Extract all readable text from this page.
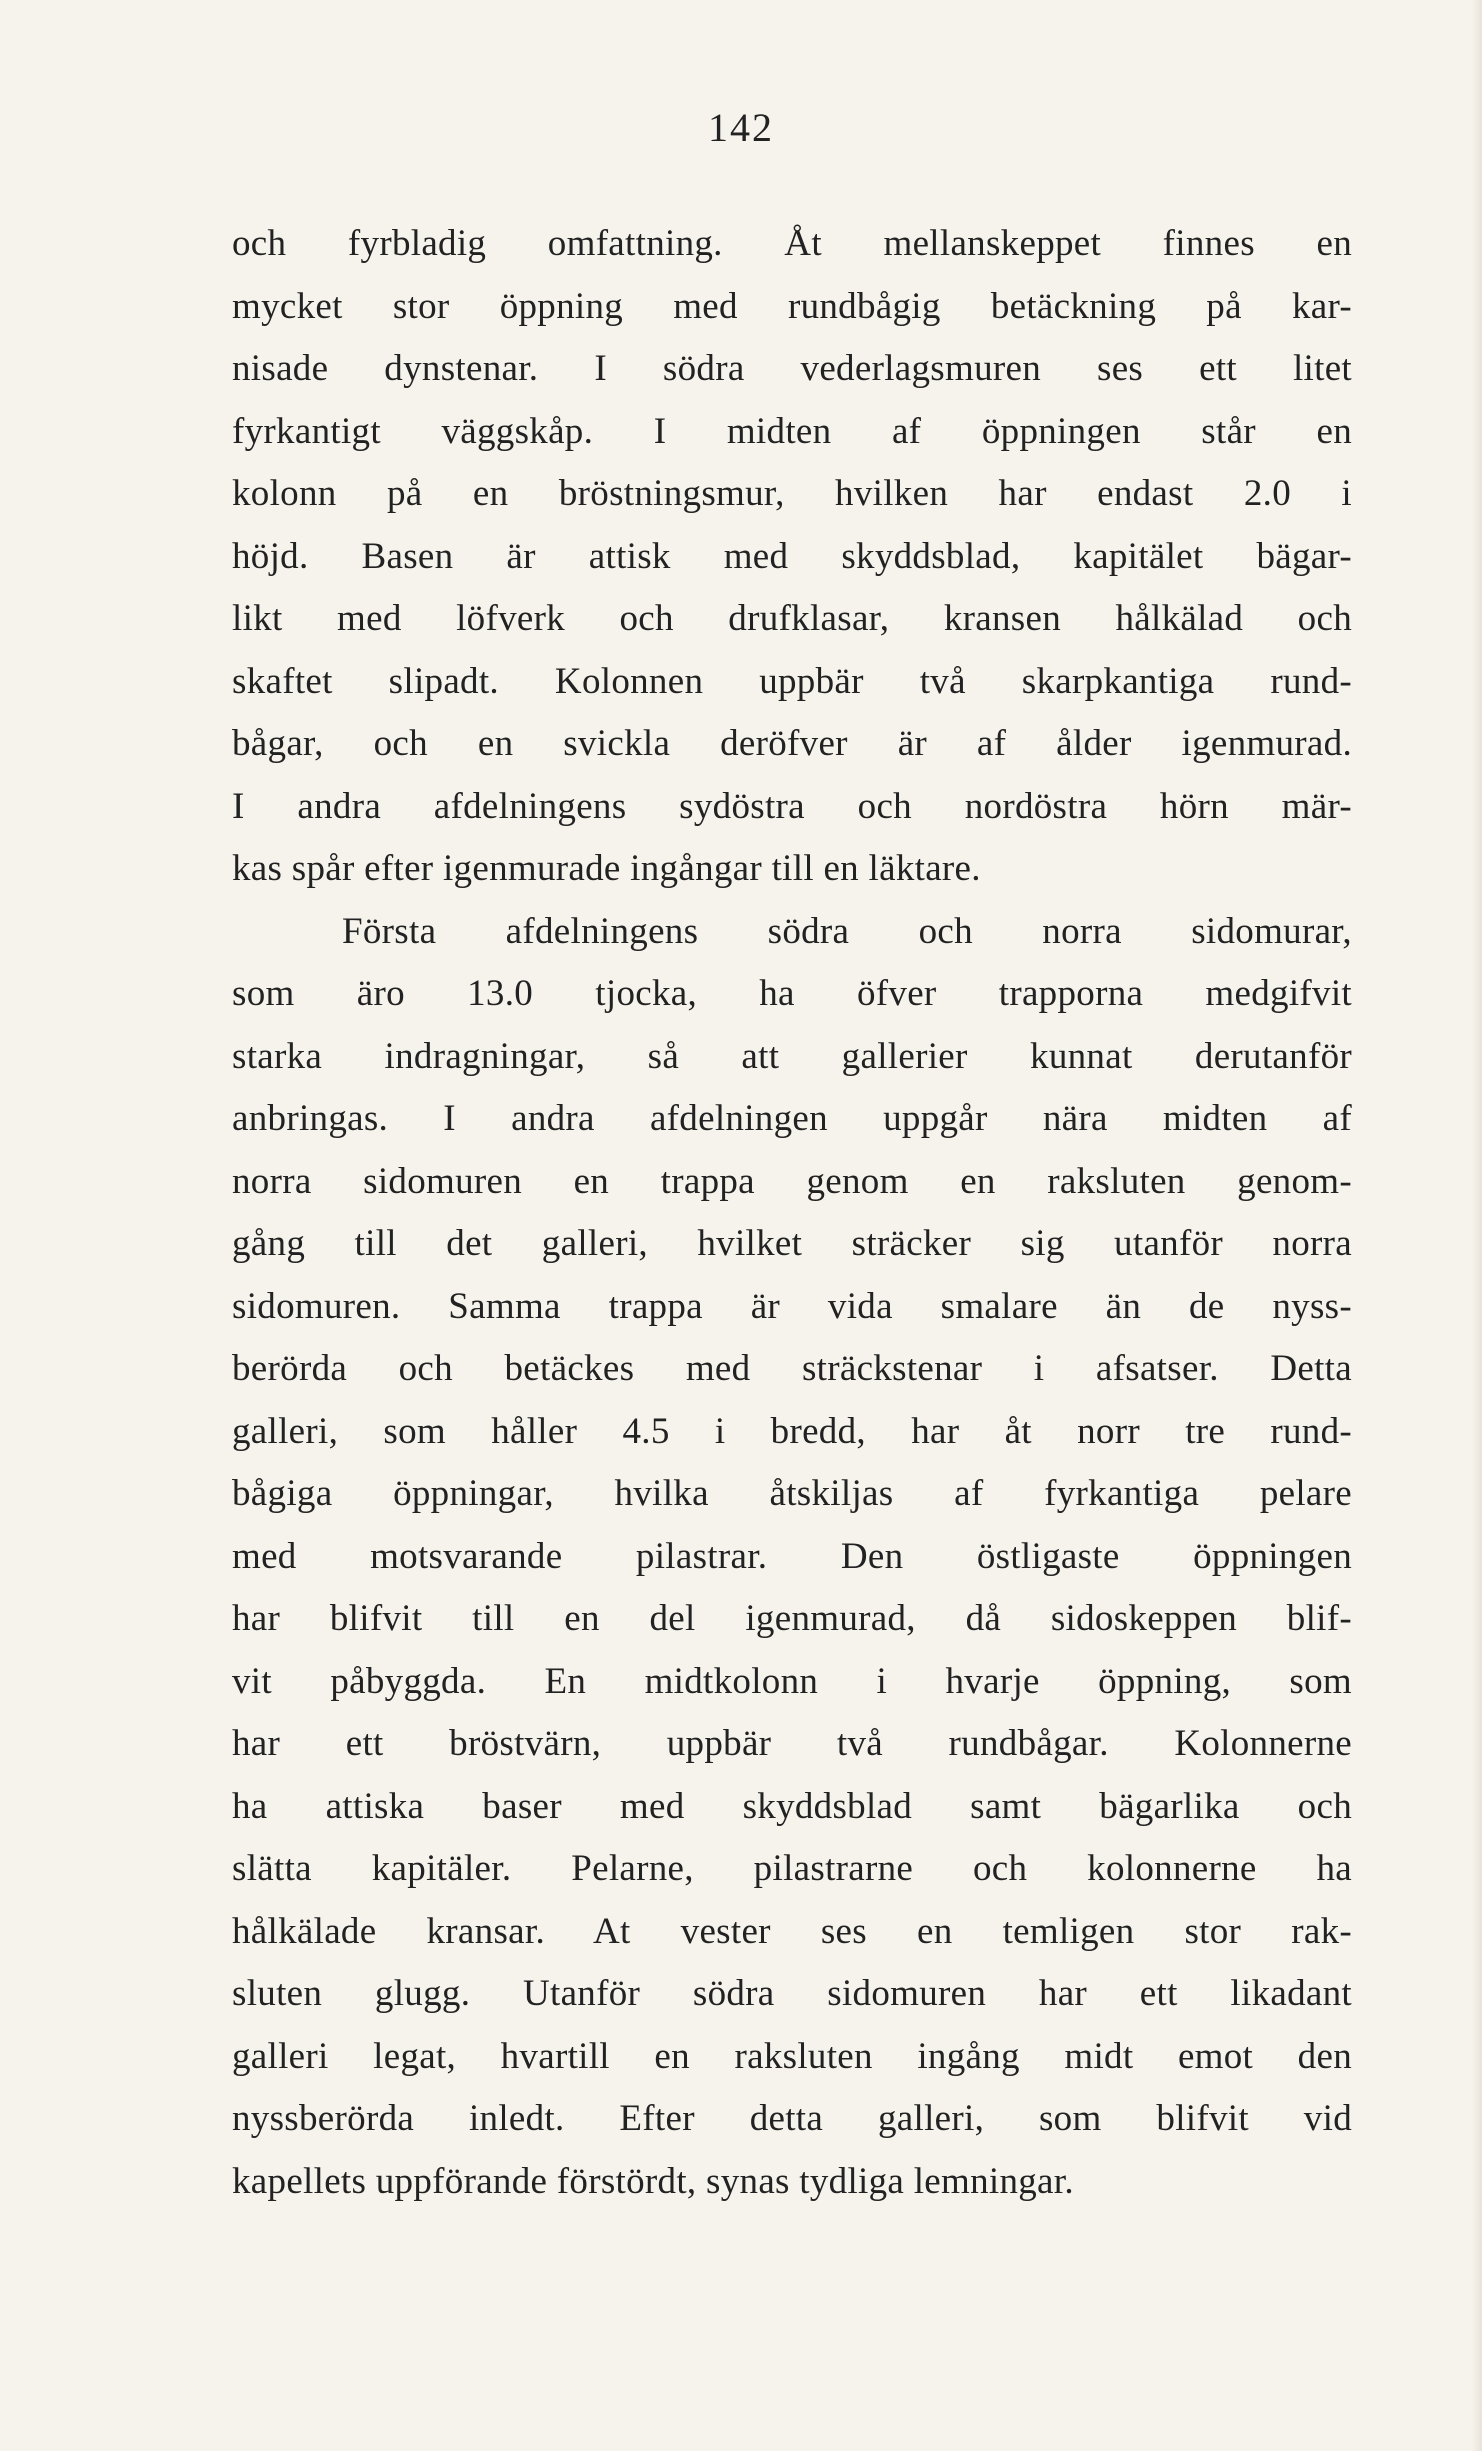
142
och fyrbladig omfattning. Åt mellanskeppet finnes en
mycket stor öppning med rundbågig betäckning på kar-
nisade dynstenar. I södra vederlagsmuren ses ett litet
fyrkantigt väggskåp. I midten af öppningen står en
kolonn på en bröstningsmur, hvilken har endast 2.0 i
höjd. Basen är attisk med skyddsblad, kapitälet bägar-
likt med löfverk och drufklasar, kransen hålkälad och
skaftet slipadt. Kolonnen uppbär två skarpkantiga rund-
bågar, och en svickla deröfver är af ålder igenmurad.
I andra afdelningens sydöstra och nordöstra hörn mär-
kas spår efter igenmurade ingångar till en läktare.
Första afdelningens södra och norra sidomurar,
som äro 13.0 tjocka, ha öfver trapporna medgifvit
starka indragningar, så att gallerier kunnat derutanför
anbringas. I andra afdelningen uppgår nära midten af
norra sidomuren en trappa genom en raksluten genom-
gång till det galleri, hvilket sträcker sig utanför norra
sidomuren. Samma trappa är vida smalare än de nyss-
berörda och betäckes med sträckstenar i afsatser. Detta
galleri, som håller 4.5 i bredd, har åt norr tre rund-
bågiga öppningar, hvilka åtskiljas af fyrkantiga pelare
med motsvarande pilastrar. Den östligaste öppningen
har blifvit till en del igenmurad, då sidoskeppen blif-
vit påbyggda. En midtkolonn i hvarje öppning, som
har ett bröstvärn, uppbär två rundbågar. Kolonnerne
ha attiska baser med skyddsblad samt bägarlika och
slätta kapitäler. Pelarne, pilastrarne och kolonnerne ha
hålkälade kransar. At vester ses en temligen stor rak-
sluten glugg. Utanför södra sidomuren har ett likadant
galleri legat, hvartill en raksluten ingång midt emot den
nyssberörda inledt. Efter detta galleri, som blifvit vid
kapellets uppförande förstördt, synas tydliga lemningar.
